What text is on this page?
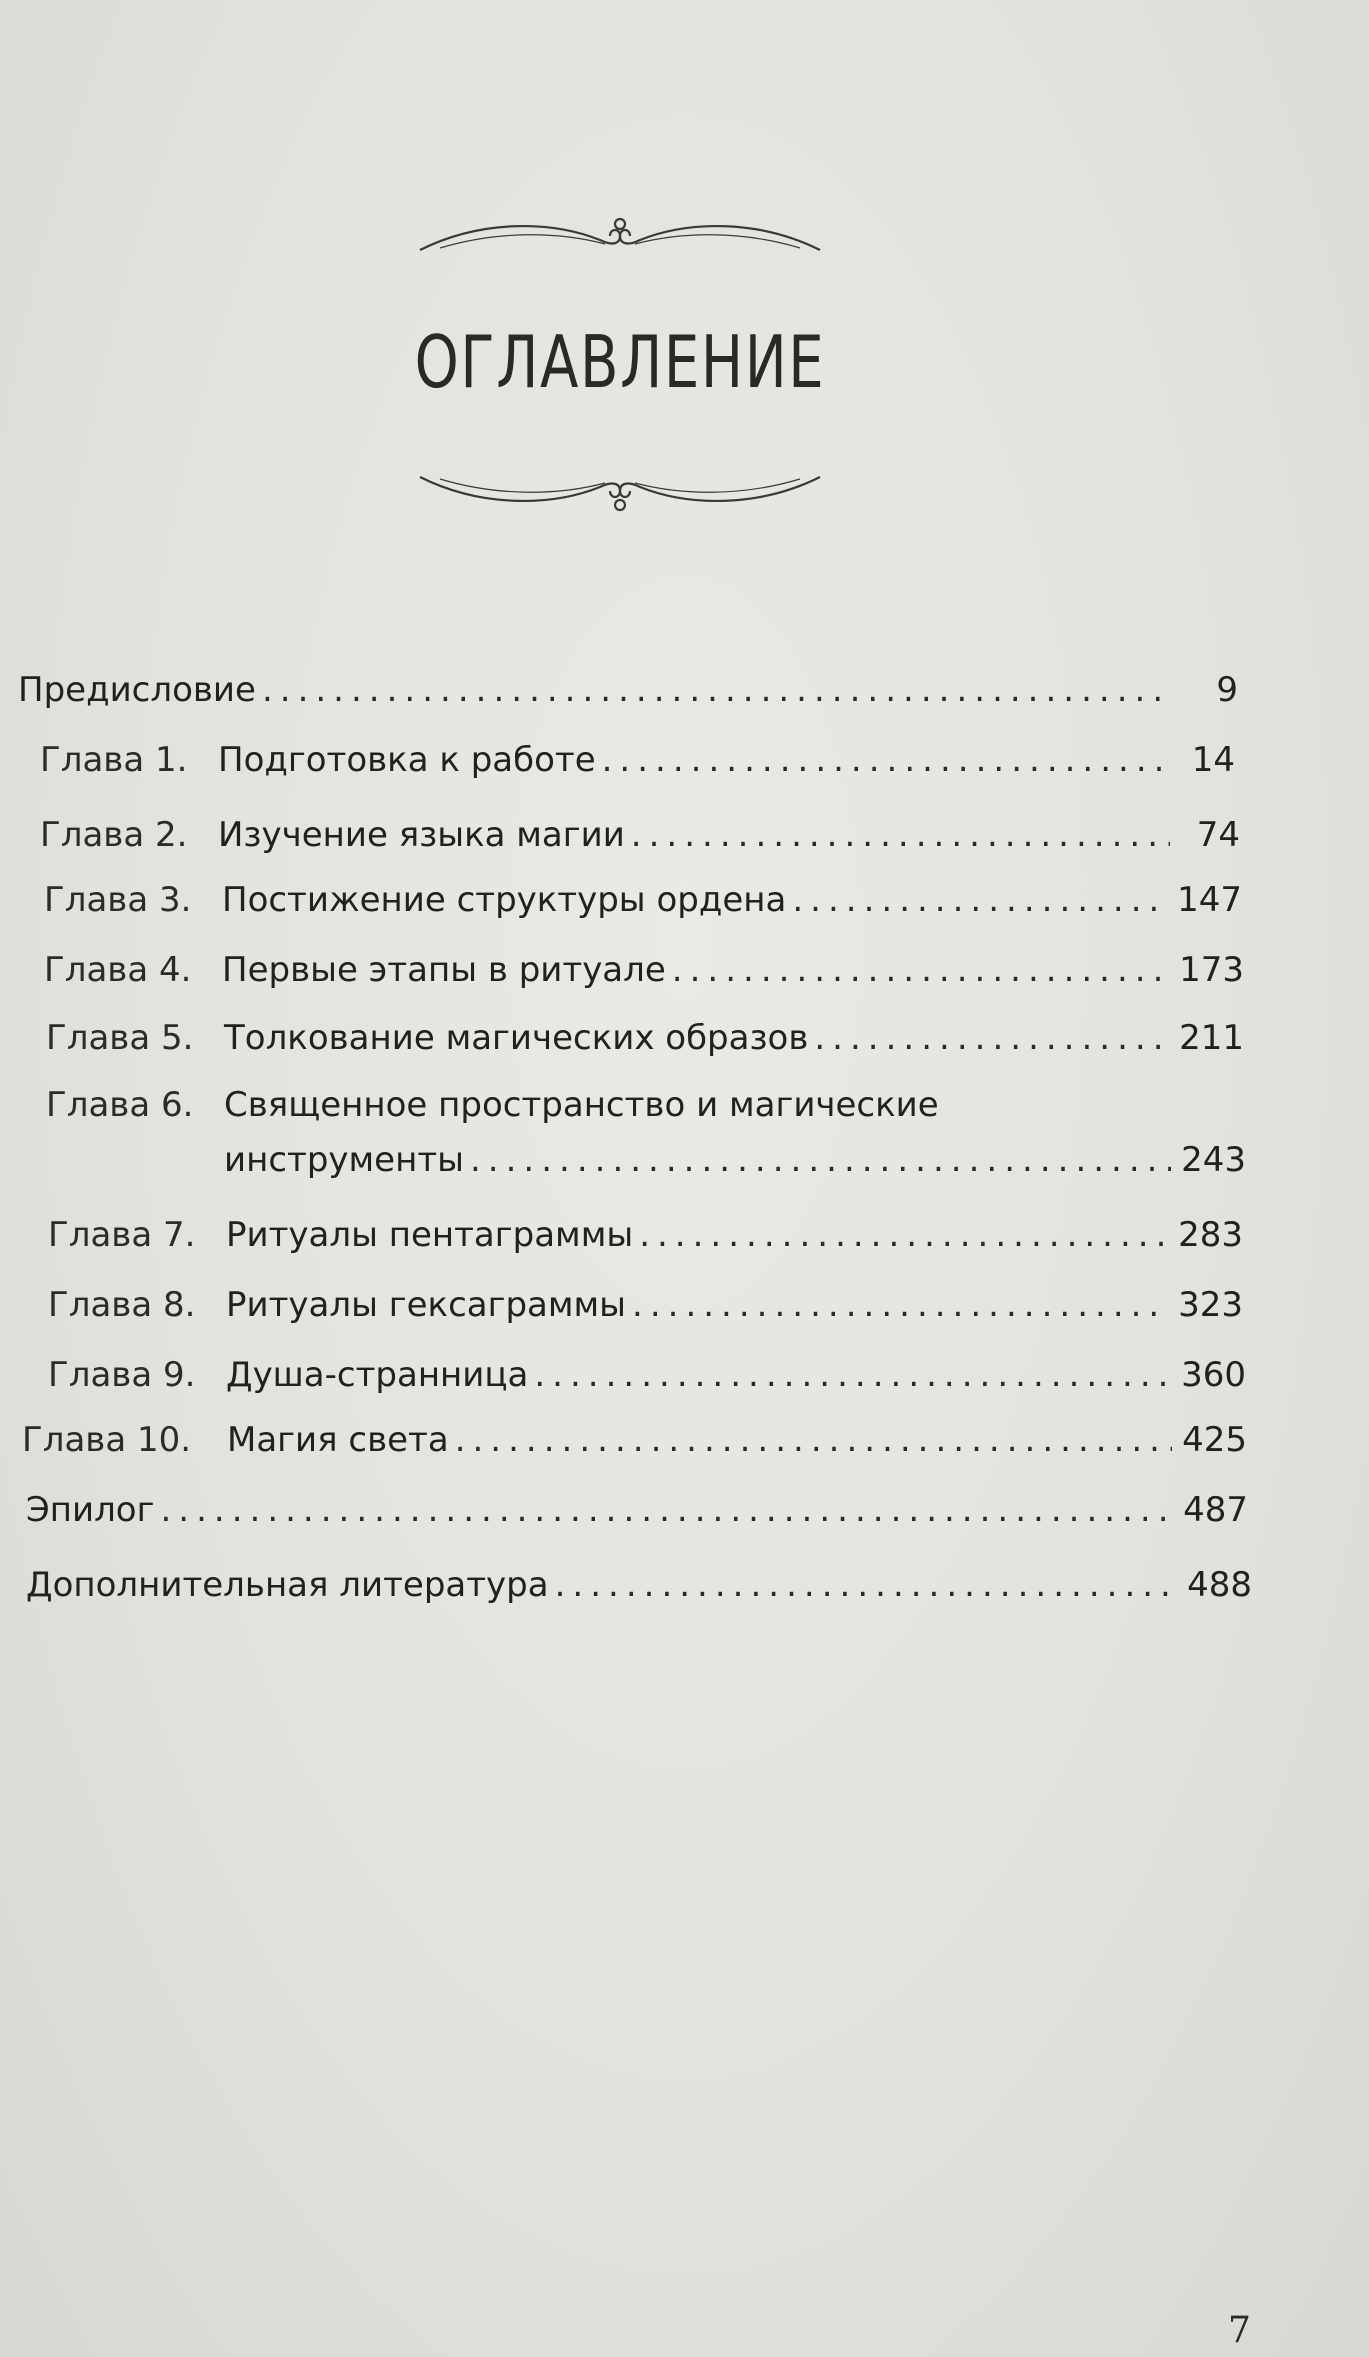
ОГЛАВЛЕНИЕ
Предисловие .....	9
Глава 1. Подготовка к работе .....	14
Глава 2. Изучение языка магии .....	74
Глава 3. Постижение структуры ордена .....	147
Глава 4. Первые этапы в ритуале .....	173
Глава 5. Толкование магических образов .....	211
Глава 6. Священное пространство и магические
инструменты .....	243
Глава 7. Ритуалы пентаграммы .....	283
Глава 8. Ритуалы гексаграммы .....	323
Глава 9. Душа-странница .....	360
Глава 10.	Магия света .....	425
Эпилог .....	487
Дополнительная литература .....	488
7
